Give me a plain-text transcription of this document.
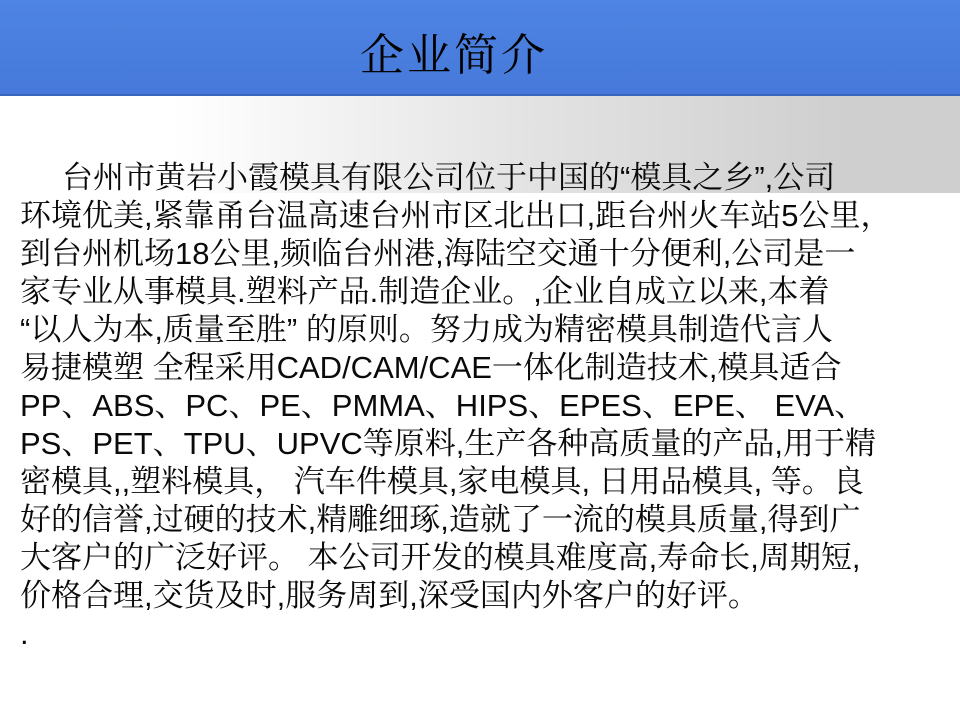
企业简介
台州市黄岩小霞模具有限公司位于中国的“模具之乡”,公司
环境优美,紧靠甬台温高速台州市区北出口,距台州火车站5公里，
到台州机场18公里,频临台州港,海陆空交通十分便利,公司是一
家专业从事模具.塑料产品.制造企业。,企业自成立以来,本着
“以人为本,质量至胜” 的原则。努力成为精密模具制造代言人
易捷模塑 全程采用CAD/CAM/CAE一体化制造技术,模具适合
PP、ABS、PC、PE、PMMA、HIPS、EPES、EPE、 EVA、
PS、PET、TPU、UPVC等原料,生产各种高质量的产品,用于精
密模具,,塑料模具， 汽车件模具,家电模具, 日用品模具, 等。良
好的信誉,过硬的技术,精雕细琢,造就了一流的模具质量,得到广
大客户的广泛好评。 本公司开发的模具难度高,寿命长,周期短,
价格合理,交货及时,服务周到,深受国内外客户的好评。
.
